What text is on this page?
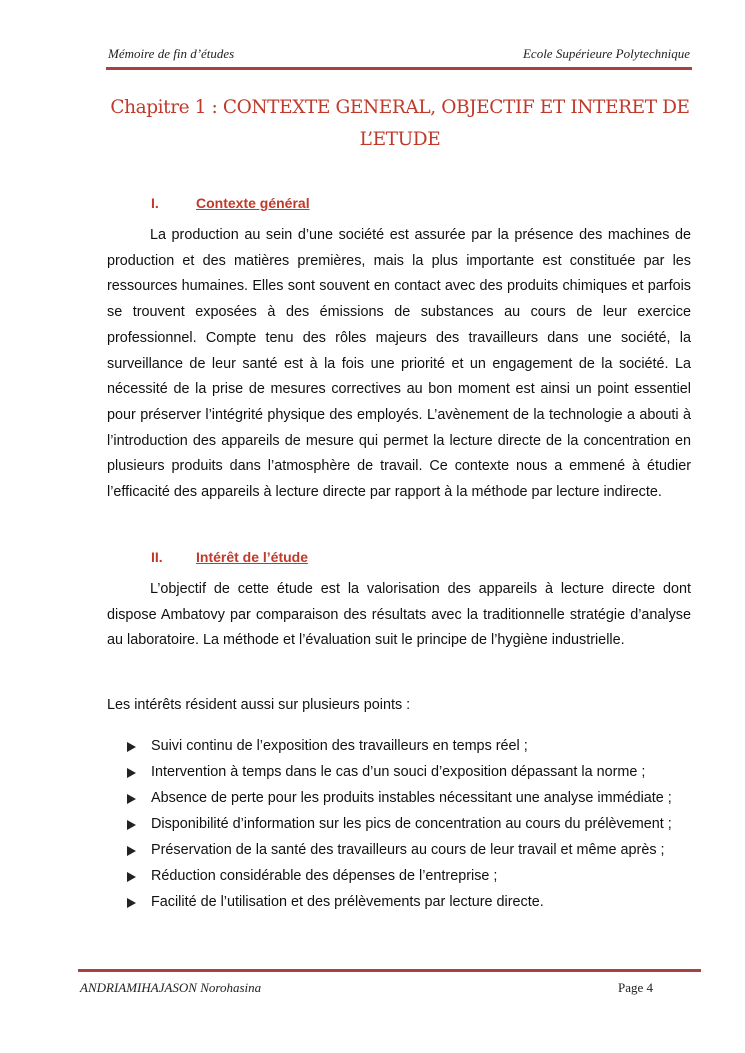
Mémoire de fin d’études	Ecole Supérieure Polytechnique
Chapitre 1 : CONTEXTE GENERAL, OBJECTIF ET INTERET DE
L’ETUDE
I.	Contexte général

La production au sein d’une société est assurée par la présence des machines de production et des matières premières, mais la plus importante est constituée par les ressources humaines. Elles sont souvent en contact avec des produits chimiques et parfois se trouvent exposées à des émissions de substances au cours de leur exercice professionnel. Compte tenu des rôles majeurs des travailleurs dans une société, la surveillance de leur santé est à la fois une priorité et un engagement de la société. La nécessité de la prise de mesures correctives au bon moment est ainsi un point essentiel pour préserver l’intégrité physique des employés. L’avènement de la technologie a abouti à l’introduction des appareils de mesure qui permet la lecture directe de la concentration en plusieurs produits dans l’atmosphère de travail. Ce contexte nous a emmené à étudier l’efficacité des appareils à lecture directe par rapport à la méthode par lecture indirecte.

II. Intérêt de l’étude

L’objectif de cette étude est la valorisation des appareils à lecture directe dont dispose Ambatovy par comparaison des résultats avec la traditionnelle stratégie d’analyse au laboratoire. La méthode et l’évaluation suit le principe de l’hygiène industrielle.

Les intérêts résident aussi sur plusieurs points :
Suivi continu de l’exposition des travailleurs en temps réel ;
Intervention à temps dans le cas d’un souci d’exposition dépassant la norme ;
Absence de perte pour les produits instables nécessitant une analyse immédiate ;
Disponibilité d’information sur les pics de concentration au cours du prélèvement ;
Préservation de la santé des travailleurs au cours de leur travail et même après ;
Réduction considérable des dépenses de l’entreprise ;
Facilité de l’utilisation et des prélèvements par lecture directe.
ANDRIAMIHAJASON Norohasina	Page 4
